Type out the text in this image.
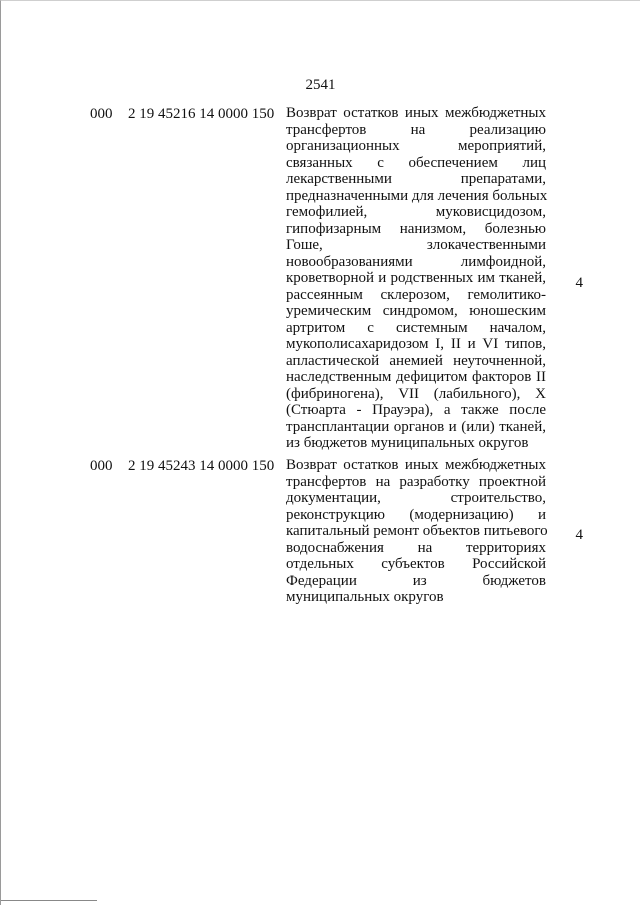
2541
000 2 19 45216 14 0000 150 Возврат остатков иных межбюджетных
трансфертов на реализацию
организационных мероприятий,
связанных с обеспечением лиц
лекарственными препаратами,
предназначенными для лечения больных
гемофилией, муковисцидозом,
гипофизарным нанизмом, болезнью
Гоше, злокачественными
новообразованиями лимфоидной,
кроветворной и родственных им тканей,
рассеянным склерозом, гемолитико-
уремическим синдромом, юношеским
артритом с системным началом,
мукополисахаридозом I, II и VI типов,
апластической анемией неуточненной,
наследственным дефицитом факторов II
(фибриногена), VII (лабильного), X
(Стюарта - Прауэра), а также после
трансплантации органов и (или) тканей,
из бюджетов муниципальных округов
4
000 2 19 45243 14 0000 150 Возврат остатков иных межбюджетных
трансфертов на разработку проектной
документации, строительство,
реконструкцию (модернизацию) и
капитальный ремонт объектов питьевого
водоснабжения на территориях
отдельных субъектов Российской
Федерации из бюджетов
муниципальных округов
4
